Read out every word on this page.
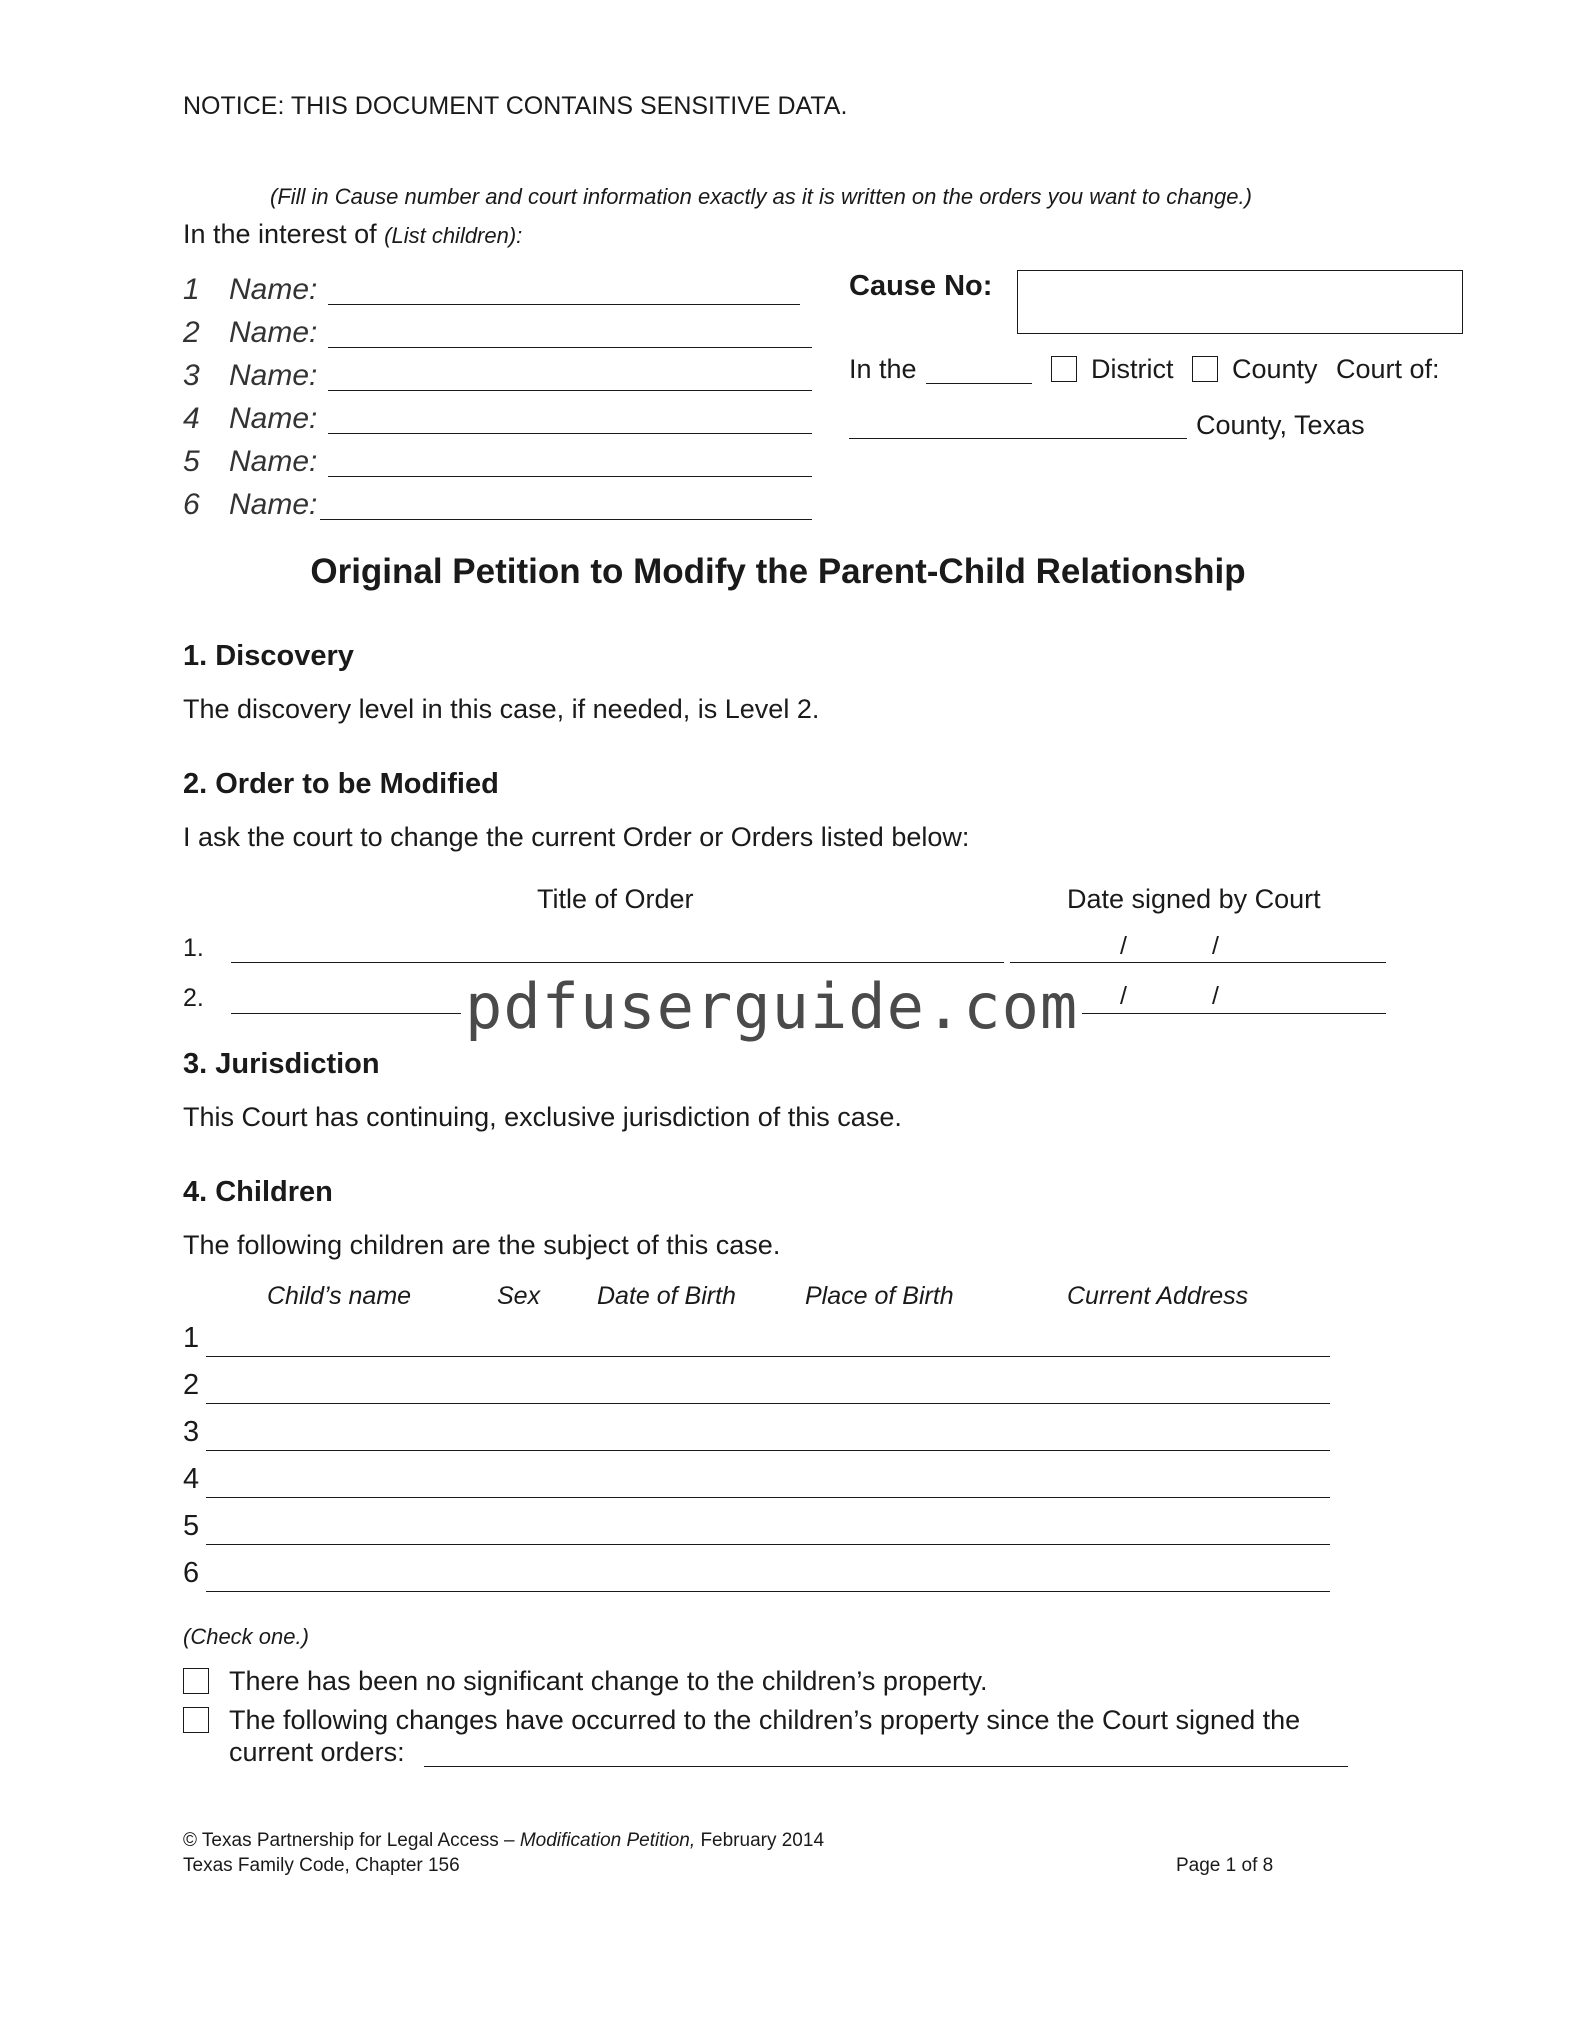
NOTICE: THIS DOCUMENT CONTAINS SENSITIVE DATA.
(Fill in Cause number and court information exactly as it is written on the orders you want to change.)
In the interest of (List children):
1 Name:
2 Name:
3 Name:
4 Name:
5 Name:
6 Name:
Cause No:
In the	District County Court of:
County, Texas
Original Petition to Modify the Parent-Child Relationship
1. Discovery
The discovery level in this case, if needed, is Level 2.
2. Order to be Modified
I ask the court to change the current Order or Orders listed below:
Title of Order	Date signed by Court
1.	/	/
2.	/	/
pdfuserguide.com
3. Jurisdiction
This Court has continuing, exclusive jurisdiction of this case.
4. Children
The following children are the subject of this case.
Child’s name	Sex Date of Birth	Place of Birth	Current Address
1
2
3
4
5
6
(Check one.)
There has been no significant change to the children’s property.
The following changes have occurred to the children’s property since the Court signed the
current orders:
© Texas Partnership for Legal Access – Modification Petition, February 2014
Texas Family Code, Chapter 156	Page 1 of 8
